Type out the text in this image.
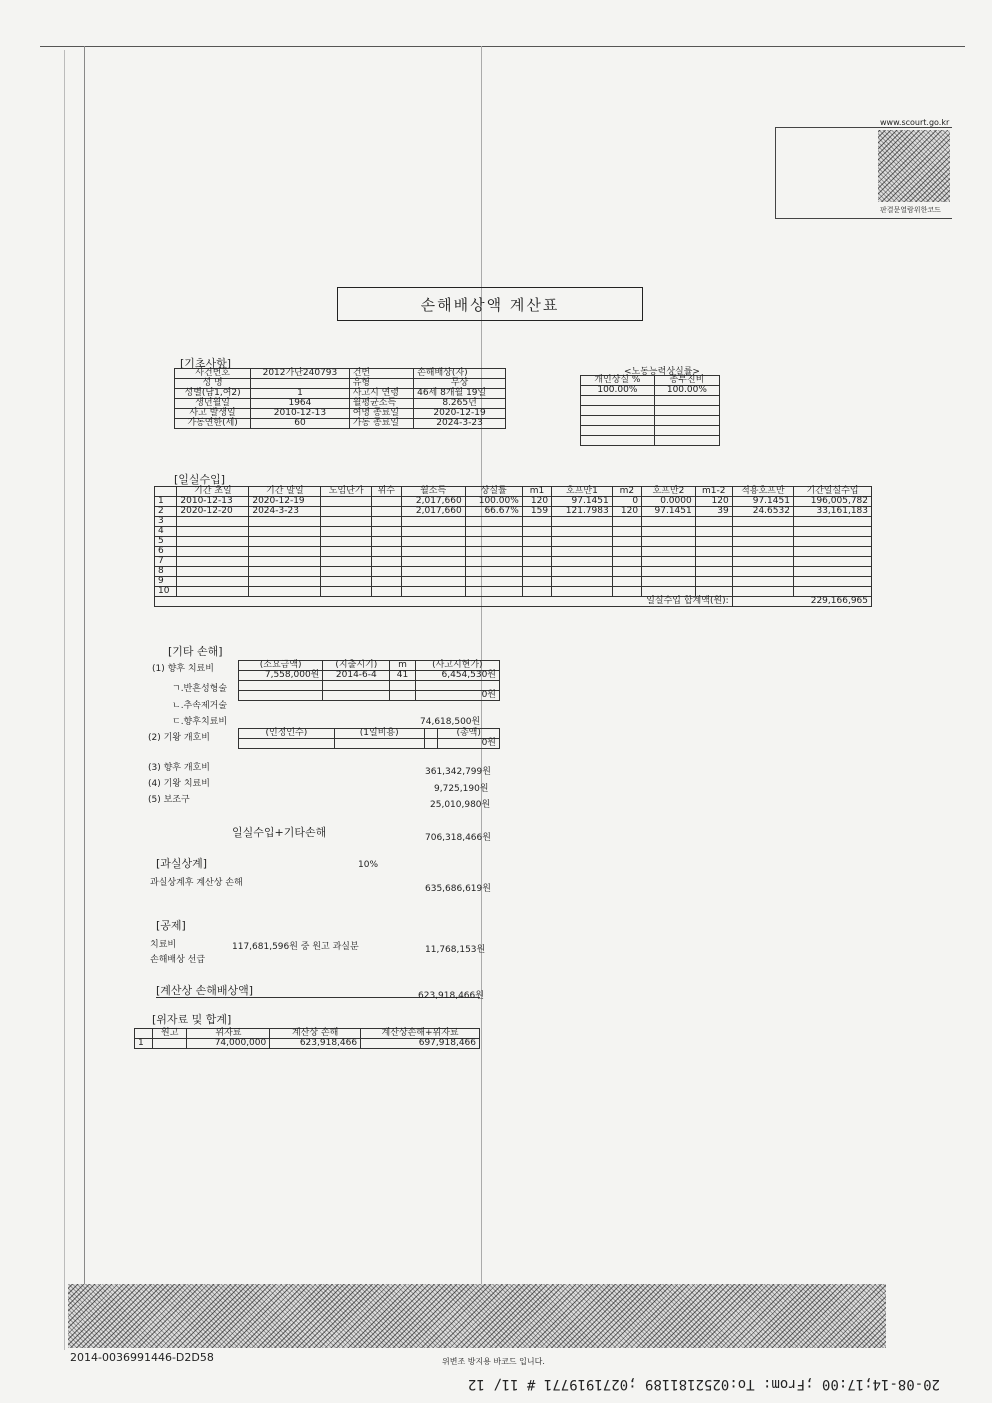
www.scourt.go.kr
판결문열람위한코드
손해배상액 계산표
[기초사항]
사건번호	2012가단240793	건번	손해배상(자)
성 명		유형	무상
성별(남1,여2)	1	사고시 연령	46세 8개월 19일
생년월일	1964	월평균소득	8.265년
사고 발생일	2010-12-13	여명 종료일	2020-12-19
가동연한(세)	60	가동 종료일	2024-3-23
<노동능력상실률>
개인상실 %	종부진비
100.00%	100.00%

[일실수입]
	기간 초일	기간 말일	노임단가	위수	월소득	상실률	m1	호프만1	m2	호프만2	m1-2	적용호프만	기간일실수입
1	2010-12-13	2020-12-19			2,017,660	100.00%	120	97.1451	0	0.0000	120	97.1451	196,005,782
2	2020-12-20	2024-3-23			2,017,660	66.67%	159	121.7983	120	97.1451	39	24.6532	33,161,183
3													
4													
5													
6													
7													
8													
9													
10													
일실수입 합계액(원):												229,166,965	
[기타 손해]
(1) 향후 치료비	(소요금액)	(지출시기)	m	(사고시현가)
7,558,000원	2014-6-4	41	6,454,530원

			0원
ㄱ.반흔성형술
ㄴ.추속제거술
ㄷ.향후치료비	74,618,500원
(2) 기왕 개호비	(인정인수)	(1일비용)		(총액)
			0원
(3) 향후 개호비	361,342,799원
(4) 기왕 치료비	9,725,190원
(5) 보조구	25,010,980원
일실수입+기타손해	706,318,466원
[과실상계]	10%
과실상계후 계산상 손해
635,686,619원
[공제]
치료비	117,681,596원 중 원고 과실분	11,768,153원
손해배상 선급
[계산상 손해배상액]	623,918,466원
[위자료 및 합계]
	원고	위자료	계산상 손해	계산상손해+위자료
1		74,000,000	623,918,466	697,918,466
2014-0036991446-D2D58	위변조 방지용 바코드 입니다.
20-08-14;17:00 ;From: To:0252181189 ;0271919771 # 11/ 12
